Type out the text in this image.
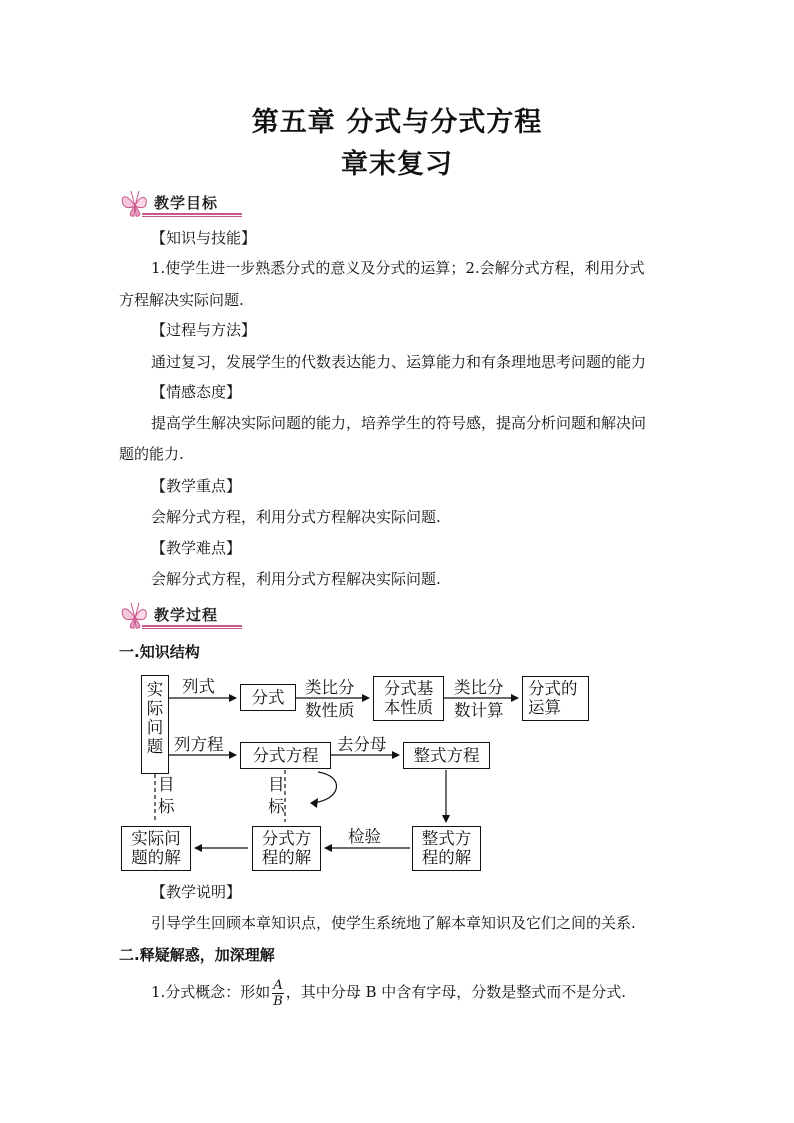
第五章 分式与分式方程
章末复习
教学目标
【知识与技能】
1.使学生进一步熟悉分式的意义及分式的运算；2.会解分式方程，利用分式
方程解决实际问题.
【过程与方法】
通过复习，发展学生的代数表达能力、运算能力和有条理地思考问题的能力
【情感态度】
提高学生解决实际问题的能力，培养学生的符号感，提高分析问题和解决问
题的能力.
【教学重点】
会解分式方程，利用分式方程解决实际问题.
【教学难点】
会解分式方程，利用分式方程解决实际问题.
教学过程
一.知识结构
实
际
问
题
列式
分式
类比分
数性质
分式基
本性质
类比分
数计算
分式的
运算
列方程
分式方程
去分母
整式方程
目
标
目
标
实际问
题的解
分式方
程的解
检验	整式方
程的解
【教学说明】
引导学生回顾本章知识点，使学生系统地了解本章知识及它们之间的关系.
二.释疑解惑，加深理解
1.分式概念：形如 $\frac{A}{B}$ ，其中分母 B 中含有字母，分数是整式而不是分式.
